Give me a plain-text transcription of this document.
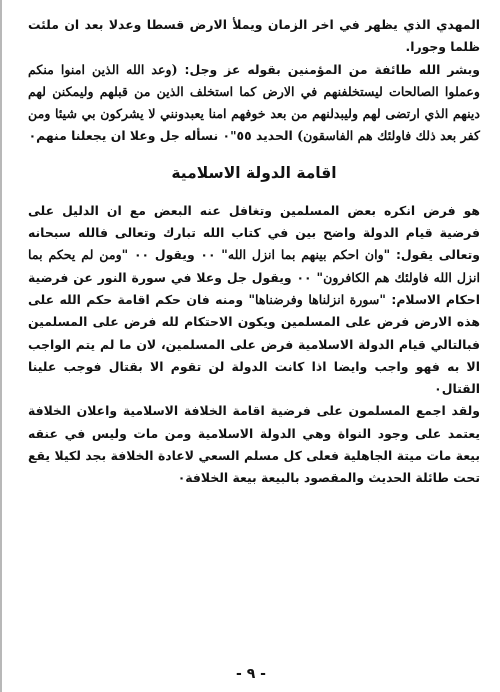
المهدي الذي يظهر في اخر الزمان ويملأ الارض قسطا وعدلا بعد ان ملئت ظلما وجورا.

وبشر الله طائفة من المؤمنين بقوله عز وجل: (وعد الله الذين امنوا منكم وعملوا الصالحات ليستخلفنهم في الارض كما استخلف الذين من قبلهم وليمكنن لهم دينهم الذي ارتضى لهم وليبدلنهم من بعد خوفهم امنا يعبدونني لا يشركون بي شيئا ومن كفر بعد ذلك فاولئك هم الفاسقون) الحديد ٥٥"٠ نسأله جل وعلا ان يجعلنا منهم٠

اقامة الدولة الاسلامية

هو فرض انكره بعض المسلمين وتغافل عنه البعض مع ان الدليل على فرضية قيام الدولة واضح بين في كتاب الله تبارك وتعالى فالله سبحانه وتعالى يقول: "وان احكم بينهم بما انزل الله" ٠٠ ويقول ٠٠ "ومن لم يحكم بما انزل الله فاولئك هم الكافرون" ٠٠ ويقول جل وعلا في سورة النور عن فرضية احكام الاسلام: "سورة انزلناها وفرضناها" ومنه فان حكم اقامة حكم الله على هذه الارض فرض على المسلمين ويكون الاحتكام لله فرض على المسلمين فبالتالي قيام الدولة الاسلامية فرض على المسلمين، لان ما لم يتم الواجب الا به فهو واجب وايضا اذا كانت الدولة لن تقوم الا بقتال فوجب علينا القتال٠

ولقد اجمع المسلمون على فرضية اقامة الخلافة الاسلامية واعلان الخلافة يعتمد على وجود النواة وهي الدولة الاسلامية ومن مات وليس في عنقه بيعة مات ميتة الجاهلية فعلى كل مسلم السعي لاعادة الخلافة بجد لكيلا يقع تحت طائلة الحديث والمقصود بالبيعة بيعة الخلافة٠

- ٩ -
